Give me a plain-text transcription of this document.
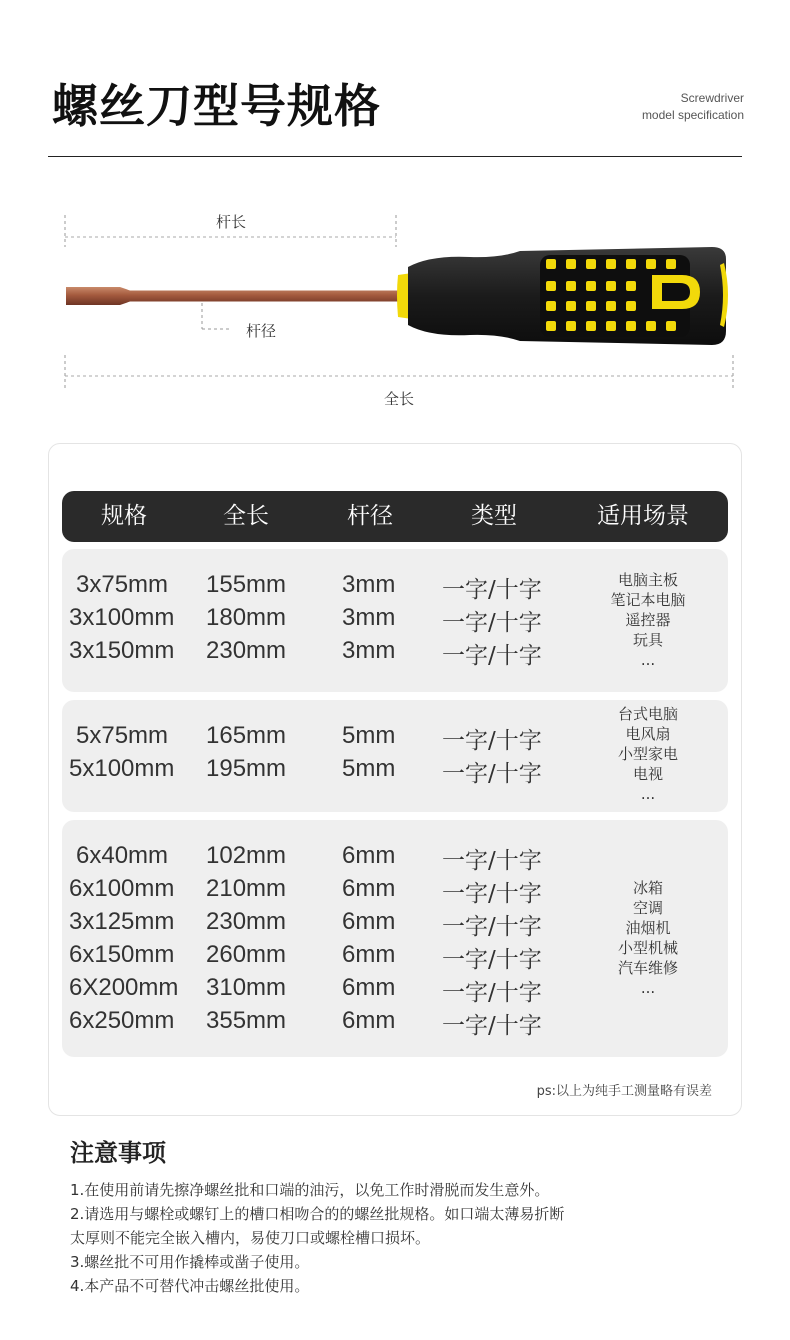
螺丝刀型号规格	Screwdriver
model specification
杆长
杆径
全长
规格	全长	杆径	类型	适用场景
3x75mm 155mm 3mm 一字/十字
3x100mm 180mm 3mm 一字/十字
3x150mm 230mm 3mm 一字/十字
电脑主板
笔记本电脑
遥控器
玩具
...
5x75mm 165mm 5mm 一字/十字
5x100mm 195mm 5mm 一字/十字
台式电脑
电风扇
小型家电
电视
...
6x40mm 102mm 6mm 一字/十字
6x100mm 210mm 6mm 一字/十字
3x125mm 230mm 6mm 一字/十字
6x150mm 260mm 6mm 一字/十字
6X200mm 310mm 6mm 一字/十字
6x250mm 355mm 6mm 一字/十字
冰箱
空调
油烟机
小型机械
汽车维修
...
ps:以上为纯手工测量略有误差
注意事项

1.在使用前请先擦净螺丝批和口端的油污，以免工作时滑脱而发生意外。

2.请选用与螺栓或螺钉上的槽口相吻合的的螺丝批规格。如口端太薄易折断

太厚则不能完全嵌入槽内，易使刀口或螺栓槽口损坏。

3.螺丝批不可用作撬棒或凿子使用。

4.本产品不可替代冲击螺丝批使用。
